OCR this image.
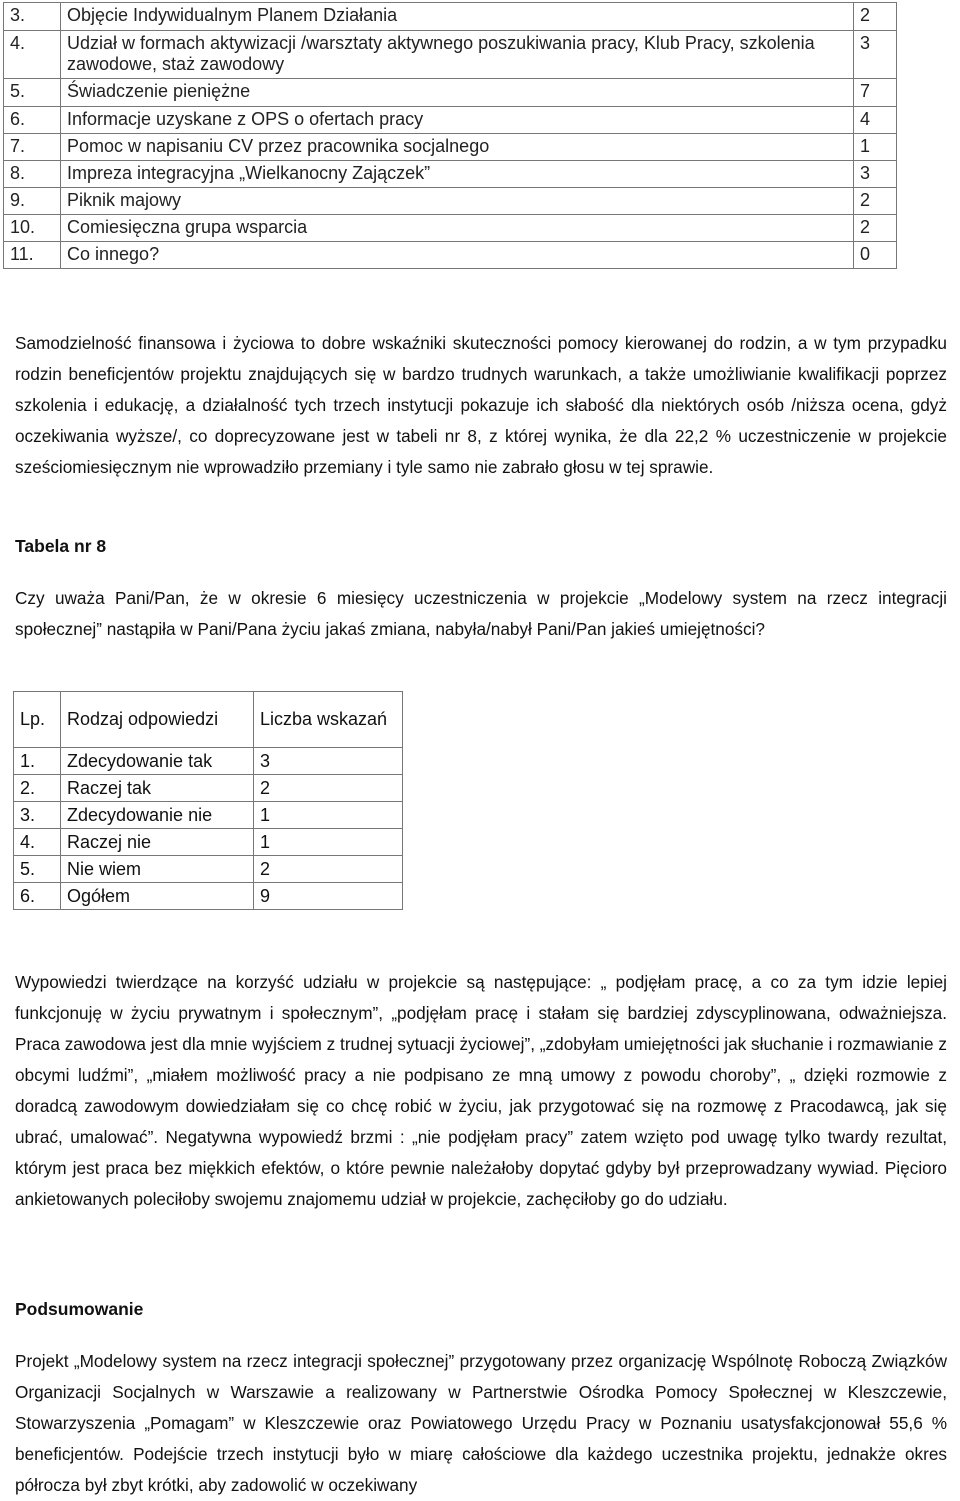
3.	Objęcie Indywidualnym Planem Działania	2
4.	Udział w formach aktywizacji /warsztaty aktywnego poszukiwania pracy, Klub Pracy, szkolenia zawodowe, staż zawodowy	3
5.	Świadczenie pieniężne	7
6.	Informacje uzyskane z OPS o ofertach pracy	4
7.	Pomoc w napisaniu CV przez pracownika socjalnego	1
8.	Impreza integracyjna „Wielkanocny Zajączek”	3
9.	Piknik majowy	2
10.	Comiesięczna grupa wsparcia	2
11.	Co innego?	0

Samodzielność finansowa i życiowa to dobre wskaźniki skuteczności pomocy kierowanej do rodzin, a w tym przypadku rodzin beneficjentów projektu znajdujących się w bardzo trudnych warunkach, a także umożliwianie kwalifikacji poprzez szkolenia i edukację, a działalność tych trzech instytucji pokazuje ich słabość dla niektórych osób /niższa ocena, gdyż oczekiwania wyższe/, co doprecyzowane jest w tabeli nr 8, z której wynika, że dla 22,2 % uczestniczenie w projekcie sześciomiesięcznym nie wprowadziło przemiany i tyle samo nie zabrało głosu w tej sprawie.

Tabela nr 8

Czy uważa Pani/Pan, że w okresie 6 miesięcy uczestniczenia w projekcie „Modelowy system na rzecz integracji społecznej” nastąpiła w Pani/Pana życiu jakaś zmiana, nabyła/nabył Pani/Pan jakieś umiejętności?

Lp.	Rodzaj odpowiedzi	Liczba wskazań
1.	Zdecydowanie tak	3
2.	Raczej tak	2
3.	Zdecydowanie nie	1
4.	Raczej nie	1
5.	Nie wiem	2
6.	Ogółem	9

Wypowiedzi twierdzące na korzyść udziału w projekcie są następujące: „ podjęłam pracę, a co za tym idzie lepiej funkcjonuję w życiu prywatnym i społecznym”, „podjęłam pracę i stałam się bardziej zdyscyplinowana, odważniejsza. Praca zawodowa jest dla mnie wyjściem z trudnej sytuacji życiowej”, „zdobyłam umiejętności jak słuchanie i rozmawianie z obcymi ludźmi”, „miałem możliwość pracy a nie podpisano ze mną umowy z powodu choroby”, „ dzięki rozmowie z doradcą zawodowym dowiedziałam się co chcę robić w życiu, jak przygotować się na rozmowę z Pracodawcą, jak się ubrać, umalować”. Negatywna wypowiedź brzmi : „nie podjęłam pracy” zatem wzięto pod uwagę tylko twardy rezultat, którym jest praca bez miękkich efektów, o które pewnie należałoby dopytać gdyby był przeprowadzany wywiad. Pięcioro ankietowanych poleciłoby swojemu znajomemu udział w projekcie, zachęciłoby go do udziału.

Podsumowanie

Projekt „Modelowy system na rzecz integracji społecznej” przygotowany przez organizację Wspólnotę Roboczą Związków Organizacji Socjalnych w Warszawie a realizowany w Partnerstwie Ośrodka Pomocy Społecznej w Kleszczewie, Stowarzyszenia „Pomagam” w Kleszczewie oraz Powiatowego Urzędu Pracy w Poznaniu usatysfakcjonował 55,6 % beneficjentów. Podejście trzech instytucji było w miarę całościowe dla każdego uczestnika projektu, jednakże okres półrocza był zbyt krótki, aby zadowolić w oczekiwany
